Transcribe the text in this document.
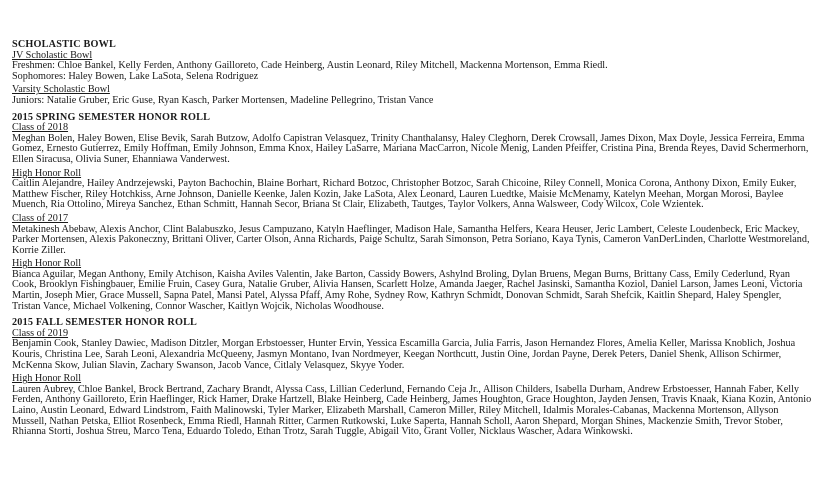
SCHOLASTIC BOWL
JV Scholastic Bowl
Freshmen: Chloe Bankel, Kelly Ferden, Anthony Gailloreto, Cade Heinberg, Austin Leonard, Riley Mitchell, Mackenna Mortenson, Emma Riedl.
Sophomores: Haley Bowen, Lake LaSota, Selena Rodriguez
Varsity Scholastic Bowl
Juniors: Natalie Gruber, Eric Guse, Ryan Kasch, Parker Mortensen, Madeline Pellegrino, Tristan Vance
2015 SPRING SEMESTER HONOR ROLL
Class of 2018
Meghan Bolen, Haley Bowen, Elise Bevik, Sarah Butzow, Adolfo Capistran Velasquez, Trinity Chanthalansy, Haley Cleghorn, Derek Crowsall, James Dixon, Max Doyle, Jessica Ferreira, Emma Gomez, Ernesto Gutierrez, Emily Hoffman, Emily Johnson, Emma Knox, Hailey LaSarre, Mariana MacCarron, Nicole Menig, Landen Pfeiffer, Cristina Pina, Brenda Reyes, David Schermerhorn, Ellen Siracusa, Olivia Suner, Ehanniawa Vanderwest.
High Honor Roll
Caitlin Alejandre, Hailey Andrzejewski, Payton Bachochin, Blaine Borhart, Richard Botzoc, Christopher Botzoc, Sarah Chicoine, Riley Connell, Monica Corona, Anthony Dixon, Emily Euker, Matthew Fischer, Riley Hotchkiss, Arne Johnson, Danielle Keenke, Jalen Kozin, Jake LaSota, Alex Leonard, Lauren Luedtke, Maisie McMenamy, Katelyn Meehan, Morgan Morosi, Baylee Muench, Ria Ottolino, Mireya Sanchez, Ethan Schmitt, Hannah Secor, Briana St Clair, Elizabeth, Tautges, Taylor Volkers, Anna Walsweer, Cody Wilcox, Cole Wzientek.
Class of 2017
Metakinesh Abebaw, Alexis Anchor, Clint Balabuszko, Jesus Campuzano, Katyln Haeflinger, Madison Hale, Samantha Helfers, Keara Heuser, Jeric Lambert, Celeste Loudenbeck, Eric Mackey, Parker Mortensen, Alexis Pakoneczny, Brittani Oliver, Carter Olson, Anna Richards, Paige Schultz, Sarah Simonson, Petra Soriano, Kaya Tynis, Cameron VanDerLinden, Charlotte Westmoreland, Korrie Ziller.
High Honor Roll
Bianca Aguilar, Megan Anthony, Emily Atchison, Kaisha Aviles Valentin, Jake Barton, Cassidy Bowers, Ashylnd Broling, Dylan Bruens, Megan Burns, Brittany Cass, Emily Cederlund, Ryan Cook, Brooklyn Fishingbauer, Emilie Fruin, Casey Gura, Natalie Gruber, Alivia Hansen, Scarlett Holze, Amanda Jaeger, Rachel Jasinski, Samantha Koziol, Daniel Larson, James Leoni, Victoria Martin, Joseph Mier, Grace Mussell, Sapna Patel, Mansi Patel, Alyssa Pfaff, Amy Rohe, Sydney Row, Kathryn Schmidt, Donovan Schmidt, Sarah Shefcik, Kaitlin Shepard, Haley Spengler, Tristan Vance, Michael Volkening, Connor Wascher, Kaitlyn Wojcik, Nicholas Woodhouse.
2015 FALL SEMESTER HONOR ROLL
Class of 2019
Benjamin Cook, Stanley Dawiec, Madison Ditzler, Morgan Erbstoesser, Hunter Ervin, Yessica Escamilla Garcia, Julia Farris, Jason Hernandez Flores, Amelia Keller, Marissa Knoblich, Joshua Kouris, Christina Lee, Sarah Leoni, Alexandria McQueeny, Jasmyn Montano, Ivan Nordmeyer, Keegan Northcutt, Justin Oine, Jordan Payne, Derek Peters, Daniel Shenk, Allison Schirmer, McKenna Skow, Julian Slavin, Zachary Swanson, Jacob Vance, Citlaly Velasquez, Skyye Yoder.
High Honor Roll
Lauren Aubrey, Chloe Bankel, Brock Bertrand, Zachary Brandt, Alyssa Cass, Lillian Cederlund, Fernando Ceja Jr., Allison Childers, Isabella Durham, Andrew Erbstoesser, Hannah Faber, Kelly Ferden, Anthony Gailloreto, Erin Haeflinger, Rick Hamer, Drake Hartzell, Blake Heinberg, Cade Heinberg, James Houghton, Grace Houghton, Jayden Jensen, Travis Knaak, Kiana Kozin, Antonio Laino, Austin Leonard, Edward Lindstrom, Faith Malinowski, Tyler Marker, Elizabeth Marshall, Cameron Miller, Riley Mitchell, Idalmis Morales-Cabanas, Mackenna Mortenson, Allyson Mussell, Nathan Petska, Elliot Rosenbeck, Emma Riedl, Hannah Ritter, Carmen Rutkowski, Luke Saperta, Hannah Scholl, Aaron Shepard, Morgan Shines, Mackenzie Smith, Trevor Stober, Rhianna Storti, Joshua Streu, Marco Tena, Eduardo Toledo, Ethan Trotz, Sarah Tuggle, Abigail Vito, Grant Voller, Nicklaus Wascher, Adara Winkowski.
